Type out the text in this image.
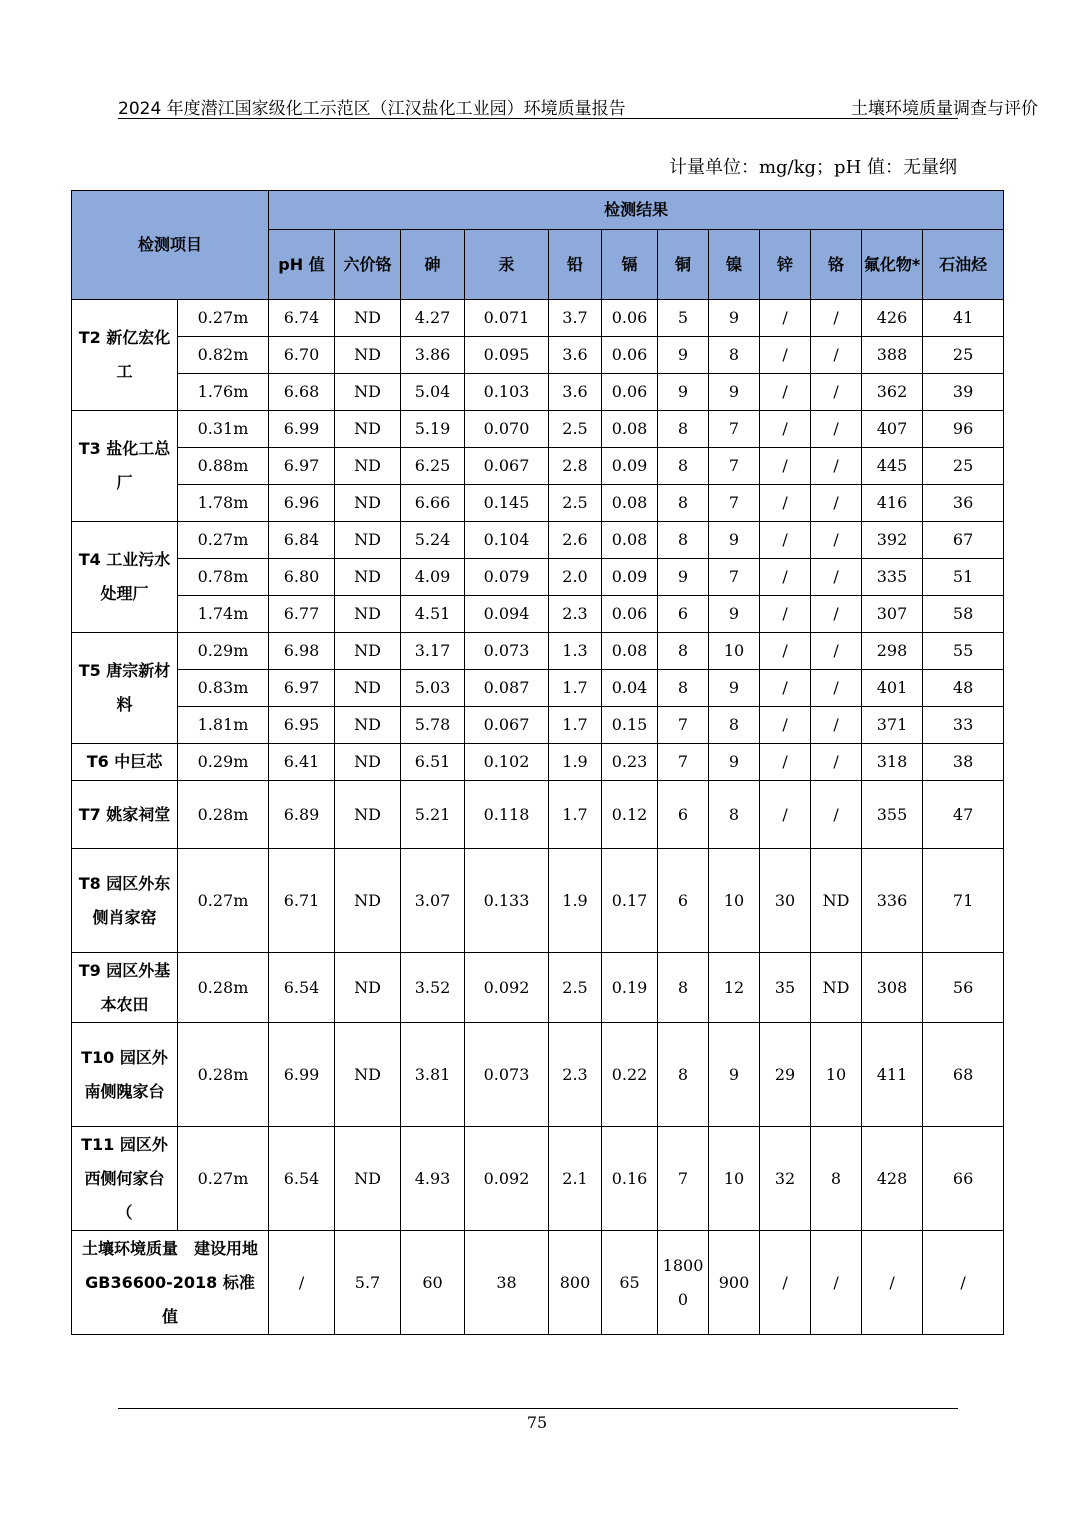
2024 年度潜江国家级化工示范区（江汉盐化工业园）环境质量报告	土壤环境质量调查与评价
计量单位：mg/kg；pH 值：无量纲
检测项目		检测结果											
		pH 值	六价铬	砷	汞	铅	镉	铜	镍	锌	铬	氟化物*	石油烃
T2 新亿宏化工	0.27m	6.74	ND	4.27	0.071	3.7	0.06	5	9	/	/	426	41
	0.82m	6.70	ND	3.86	0.095	3.6	0.06	9	8	/	/	388	25
	1.76m	6.68	ND	5.04	0.103	3.6	0.06	9	9	/	/	362	39
T3 盐化工总厂	0.31m	6.99	ND	5.19	0.070	2.5	0.08	8	7	/	/	407	96
	0.88m	6.97	ND	6.25	0.067	2.8	0.09	8	7	/	/	445	25
	1.78m	6.96	ND	6.66	0.145	2.5	0.08	8	7	/	/	416	36
T4 工业污水处理厂	0.27m	6.84	ND	5.24	0.104	2.6	0.08	8	9	/	/	392	67
	0.78m	6.80	ND	4.09	0.079	2.0	0.09	9	7	/	/	335	51
	1.74m	6.77	ND	4.51	0.094	2.3	0.06	6	9	/	/	307	58
T5 唐宗新材料	0.29m	6.98	ND	3.17	0.073	1.3	0.08	8	10	/	/	298	55
	0.83m	6.97	ND	5.03	0.087	1.7	0.04	8	9	/	/	401	48
	1.81m	6.95	ND	5.78	0.067	1.7	0.15	7	8	/	/	371	33
T6 中巨芯	0.29m	6.41	ND	6.51	0.102	1.9	0.23	7	9	/	/	318	38
T7 姚家祠堂	0.28m	6.89	ND	5.21	0.118	1.7	0.12	6	8	/	/	355	47
T8 园区外东侧肖家窑	0.27m	6.71	ND	3.07	0.133	1.9	0.17	6	10	30	ND	336	71
T9 园区外基本农田	0.28m	6.54	ND	3.52	0.092	2.5	0.19	8	12	35	ND	308	56
T10 园区外南侧隗家台	0.28m	6.99	ND	3.81	0.073	2.3	0.22	8	9	29	10	411	68
T11 园区外西侧何家台（	0.27m	6.54	ND	4.93	0.092	2.1	0.16	7	10	32	8	428	66
土壤环境质量　建设用地 GB36600-2018 标准值		/	5.7	60	38	800	65	18000	900	/	/	/	/
75
